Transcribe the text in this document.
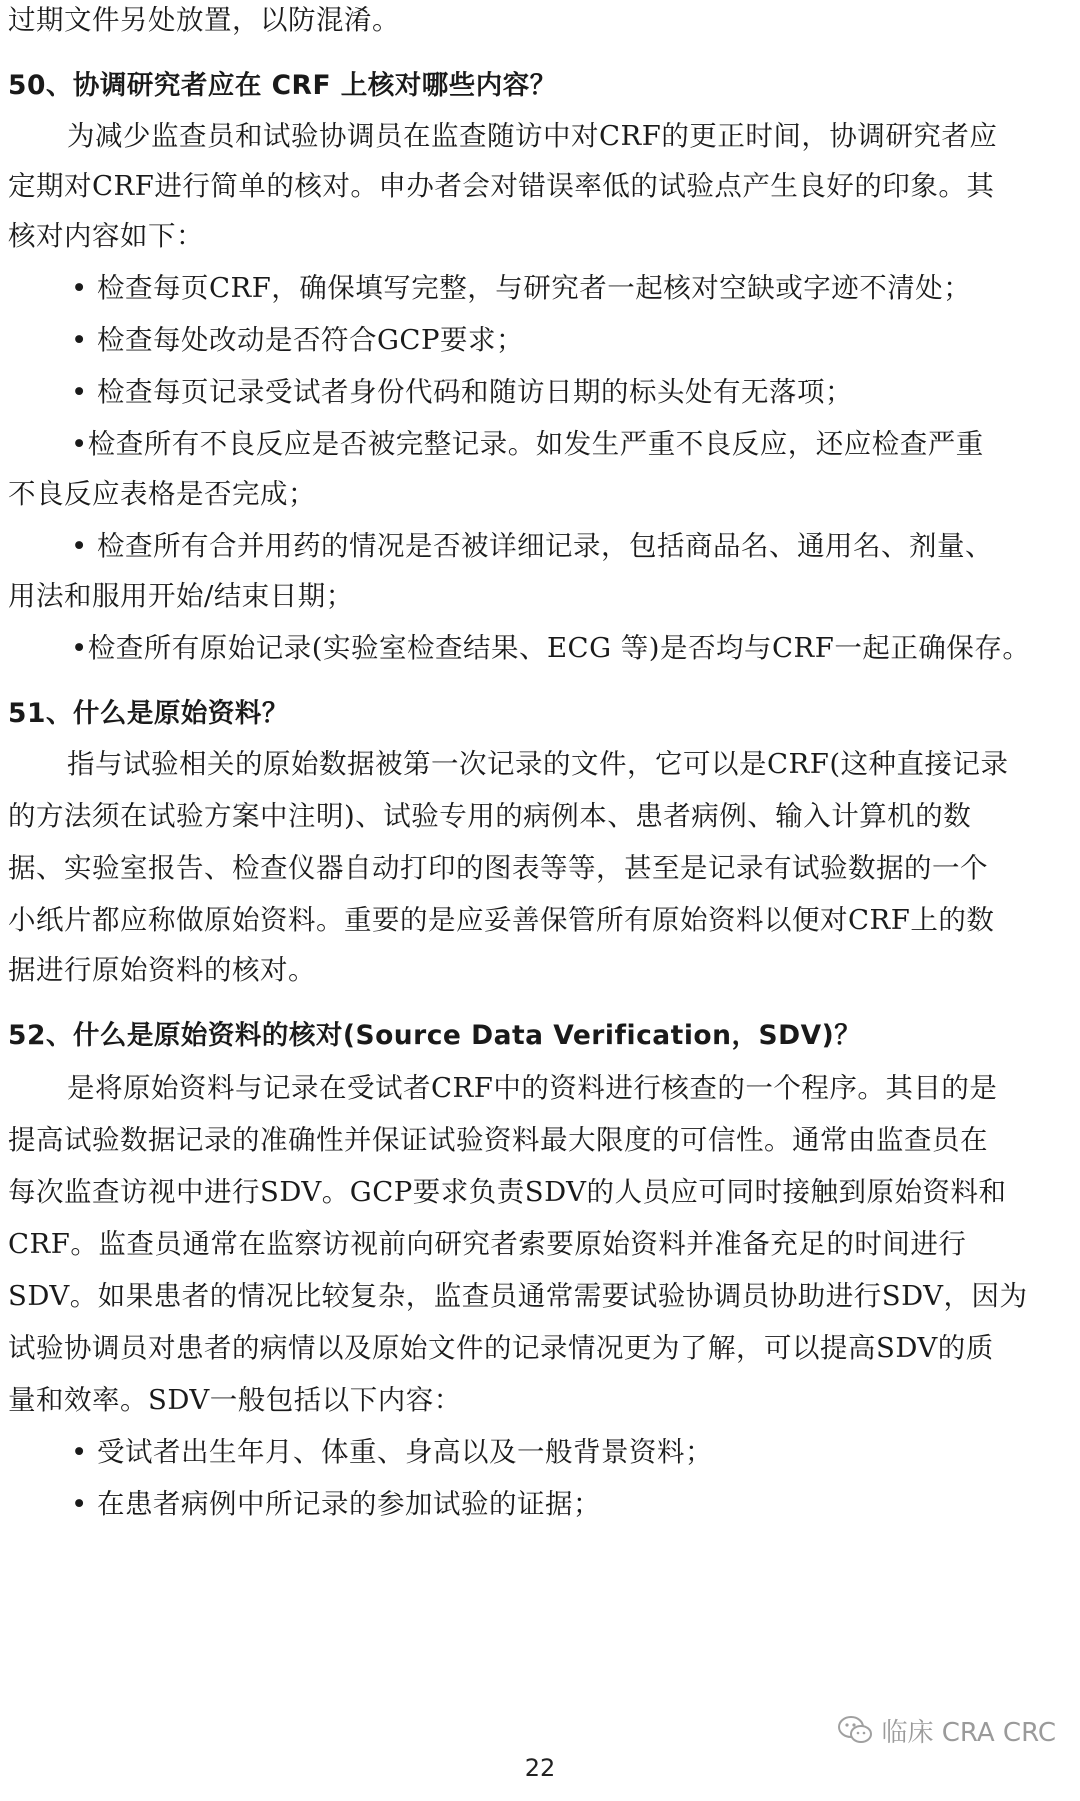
过期文件另处放置，以防混淆。
50、协调研究者应在 CRF 上核对哪些内容？
为减少监查员和试验协调员在监查随访中对CRF的更正时间，协调研究者应
定期对CRF进行简单的核对。申办者会对错误率低的试验点产生良好的印象。其
核对内容如下：
• 检查每页CRF，确保填写完整，与研究者一起核对空缺或字迹不清处；
• 检查每处改动是否符合GCP要求；
• 检查每页记录受试者身份代码和随访日期的标头处有无落项；
•检查所有不良反应是否被完整记录。如发生严重不良反应，还应检查严重
不良反应表格是否完成；
• 检查所有合并用药的情况是否被详细记录，包括商品名、通用名、剂量、
用法和服用开始/结束日期；
•检查所有原始记录(实验室检查结果、ECG 等)是否均与CRF一起正确保存。
51、什么是原始资料？
指与试验相关的原始数据被第一次记录的文件，它可以是CRF(这种直接记录
的方法须在试验方案中注明)、试验专用的病例本、患者病例、输入计算机的数
据、实验室报告、检查仪器自动打印的图表等等，甚至是记录有试验数据的一个
小纸片都应称做原始资料。重要的是应妥善保管所有原始资料以便对CRF上的数
据进行原始资料的核对。
52、什么是原始资料的核对(Source Data Verification，SDV)？
是将原始资料与记录在受试者CRF中的资料进行核查的一个程序。其目的是
提高试验数据记录的准确性并保证试验资料最大限度的可信性。通常由监查员在
每次监查访视中进行SDV。GCP要求负责SDV的人员应可同时接触到原始资料和
CRF。监查员通常在监察访视前向研究者索要原始资料并准备充足的时间进行
SDV。如果患者的情况比较复杂，监查员通常需要试验协调员协助进行SDV，因为
试验协调员对患者的病情以及原始文件的记录情况更为了解，可以提高SDV的质
量和效率。SDV一般包括以下内容：
• 受试者出生年月、体重、身高以及一般背景资料；
• 在患者病例中所记录的参加试验的证据；
临床 CRA CRC
22
